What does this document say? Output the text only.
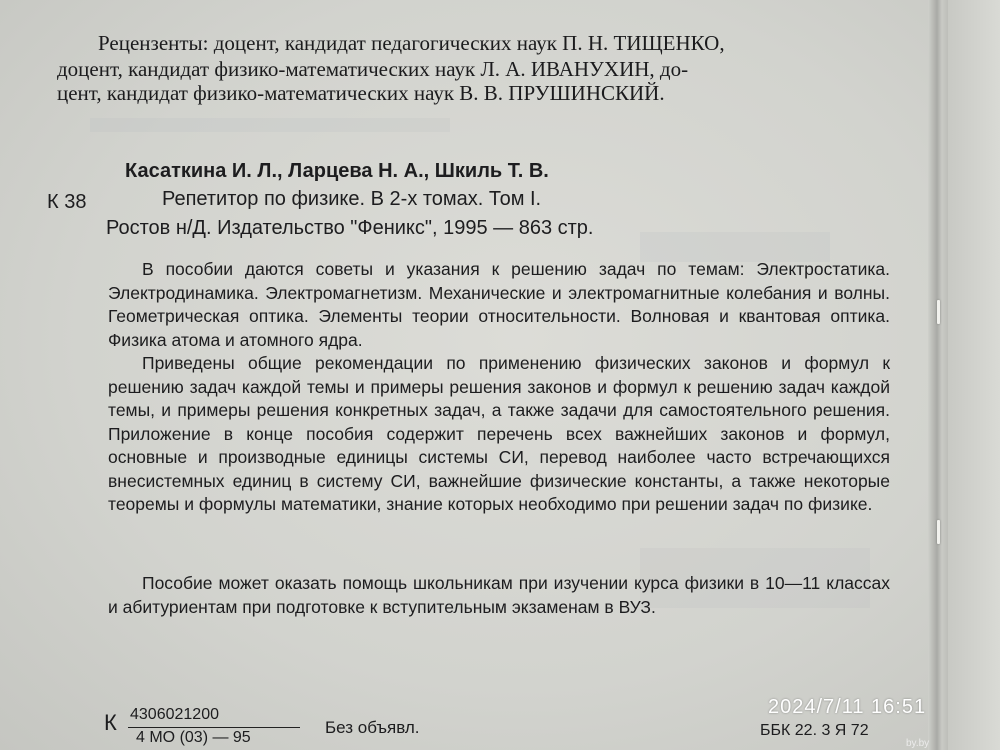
Рецензенты: доцент, кандидат педагогических наук П. Н. ТИЩЕНКО,
доцент, кандидат физико-математических наук Л. А. ИВАНУХИН, до-
цент, кандидат физико-математических наук В. В. ПРУШИНСКИЙ.
Касаткина И. Л., Ларцева Н. А., Шкиль Т. В.
К 38	Репетитор по физике. В 2-х томах. Том I.
Ростов н/Д. Издательство "Феникс", 1995 — 863 стр.

В пособии даются советы и указания к решению задач по темам: Электростатика. Электродинамика. Электромагнетизм. Механические и электромагнитные колебания и волны. Геометрическая оптика. Элементы теории относительности. Волновая и квантовая оптика. Физика атома и атомного ядра.

Приведены общие рекомендации по применению физических законов и формул к решению задач каждой темы и примеры решения законов и формул к решению задач каждой темы, и примеры решения конкретных задач, а также задачи для самостоятельного решения. Приложение в конце пособия содержит перечень всех важнейших законов и формул, основные и производные единицы системы СИ, перевод наиболее часто встречающихся внесистемных единиц в систему СИ, важнейшие физические константы, а также некоторые теоремы и формулы математики, знание которых необходимо при решении задач по физике.

Пособие может оказать помощь школьникам при изучении курса физики в 10—11 классах и абитуриентам при подготовке к вступительным экзаменам в ВУЗ.

К 4306021200
4 МО (03) — 95
Без объявл.	ББК 22. 3 Я 72
2024/7/11 16:51
by.by
